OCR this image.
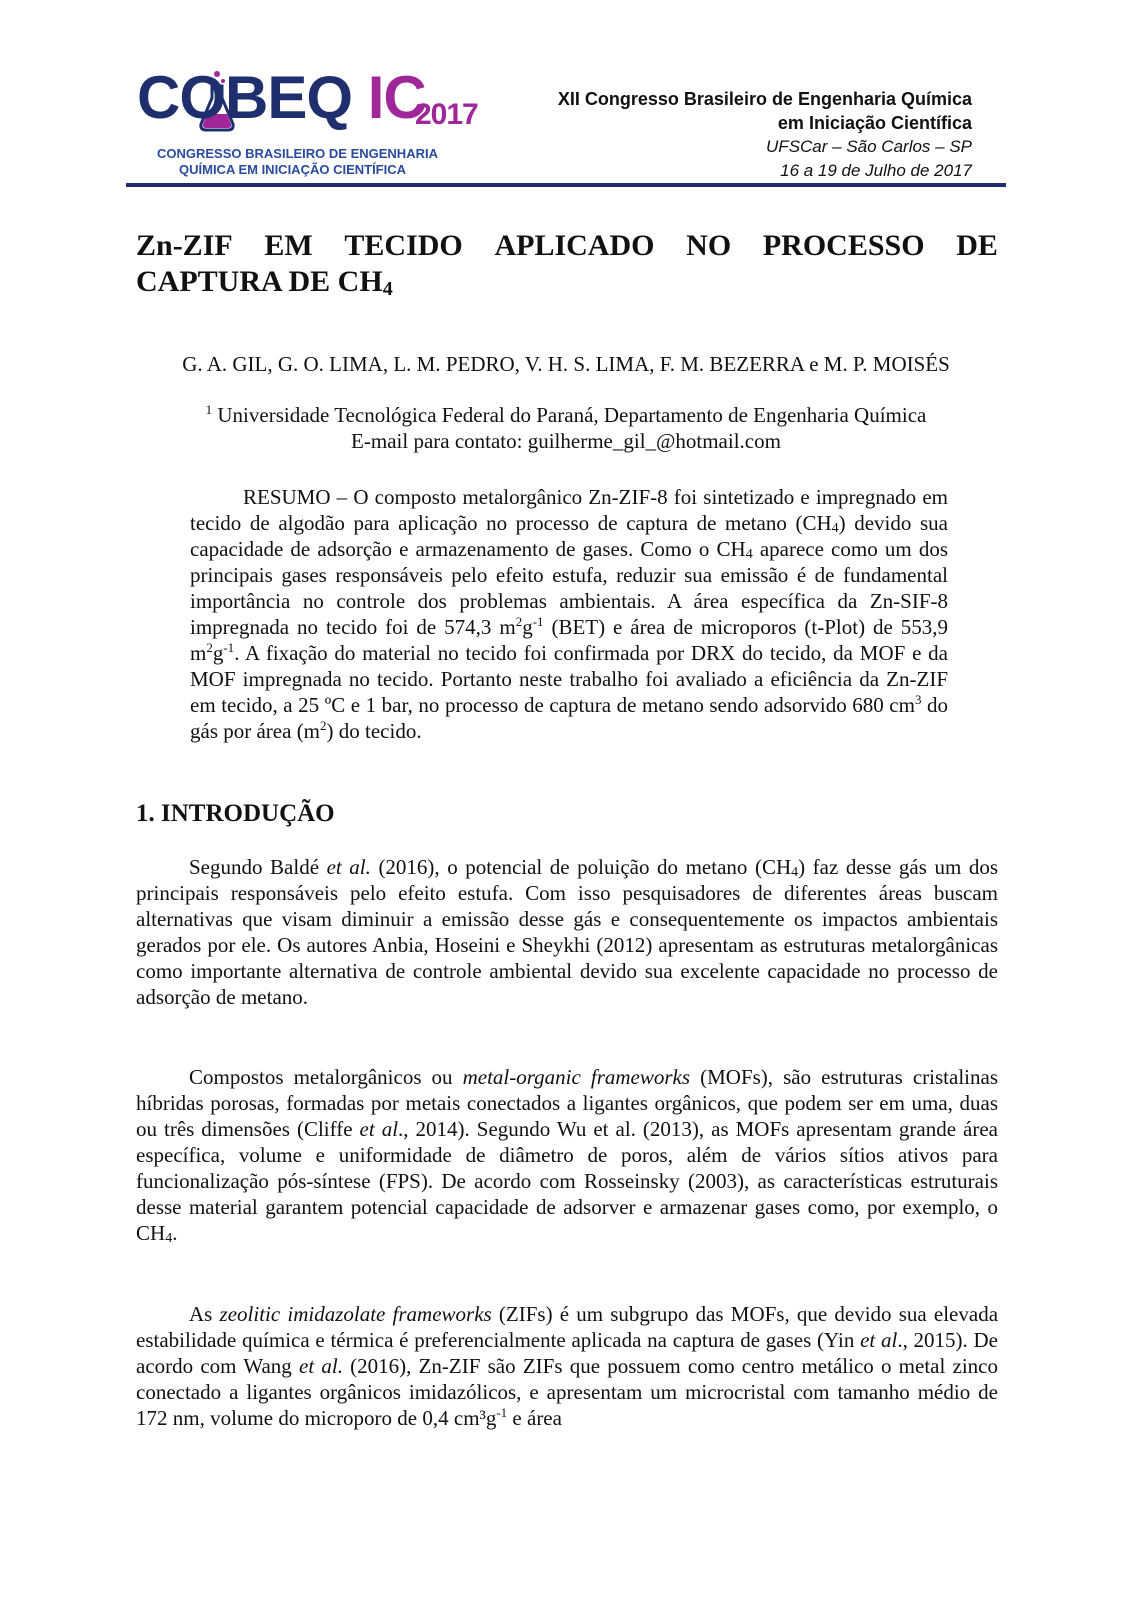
COBEQ IC
2017
CONGRESSO BRASILEIRO DE ENGENHARIA
QUÍMICA EM INICIAÇÃO CIENTÍFICA
XII Congresso Brasileiro de Engenharia Química
em Iniciação Científica
UFSCar – São Carlos – SP
16 a 19 de Julho de 2017
Zn-ZIF EM TECIDO APLICADO NO PROCESSO DE
CAPTURA DE $CH_4$
G. A. GIL, G. O. LIMA, L. M. PEDRO, V. H. S. LIMA, F. M. BEZERRA e M. P. MOISÉS
$^1$ Universidade Tecnológica Federal do Paraná, Departamento de Engenharia Química
E-mail para contato: guilherme_gil_@hotmail.com
RESUMO – O composto metalorgânico Zn-ZIF-8 foi sintetizado e impregnado em tecido de algodão para aplicação no processo de captura de metano $(CH_4)$ devido sua capacidade de adsorção e armazenamento de gases. Como o $CH_4$ aparece como um dos principais gases responsáveis pelo efeito estufa, reduzir sua emissão é de fundamental importância no controle dos problemas ambientais. A área específica da Zn-SIF-8 impregnada no tecido foi de 574,3 $m^2g^{-1}$ (BET) e área de microporos (t-Plot) de 553,9 $m^2g^{-1}$. A fixação do material no tecido foi confirmada por DRX do tecido, da MOF e da MOF impregnada no tecido. Portanto neste trabalho foi avaliado a eficiência da Zn-ZIF em tecido, a 25 ºC e 1 bar, no processo de captura de metano sendo adsorvido 680 $cm^3$ do gás por área $(m^2)$ do tecido.
1. INTRODUÇÃO
Segundo Baldé et al. (2016), o potencial de poluição do metano $(CH_4)$ faz desse gás um dos principais responsáveis pelo efeito estufa. Com isso pesquisadores de diferentes áreas buscam alternativas que visam diminuir a emissão desse gás e consequentemente os impactos ambientais gerados por ele. Os autores Anbia, Hoseini e Sheykhi (2012) apresentam as estruturas metalorgânicas como importante alternativa de controle ambiental devido sua excelente capacidade no processo de adsorção de metano.
Compostos metalorgânicos ou metal-organic frameworks (MOFs), são estruturas cristalinas híbridas porosas, formadas por metais conectados a ligantes orgânicos, que podem ser em uma, duas ou três dimensões (Cliffe et al., 2014). Segundo Wu et al. (2013), as MOFs apresentam grande área específica, volume e uniformidade de diâmetro de poros, além de vários sítios ativos para funcionalização pós-síntese (FPS). De acordo com Rosseinsky (2003), as características estruturais desse material garantem potencial capacidade de adsorver e armazenar gases como, por exemplo, o $CH_4$.
As zeolitic imidazolate frameworks (ZIFs) é um subgrupo das MOFs, que devido sua elevada estabilidade química e térmica é preferencialmente aplicada na captura de gases (Yin et al., 2015). De acordo com Wang et al. (2016), Zn-ZIF são ZIFs que possuem como centro metálico o metal zinco conectado a ligantes orgânicos imidazólicos, e apresentam um microcristal com tamanho médio de 172 nm, volume do microporo de 0,4 $cm^3g^{-1}$ e área
